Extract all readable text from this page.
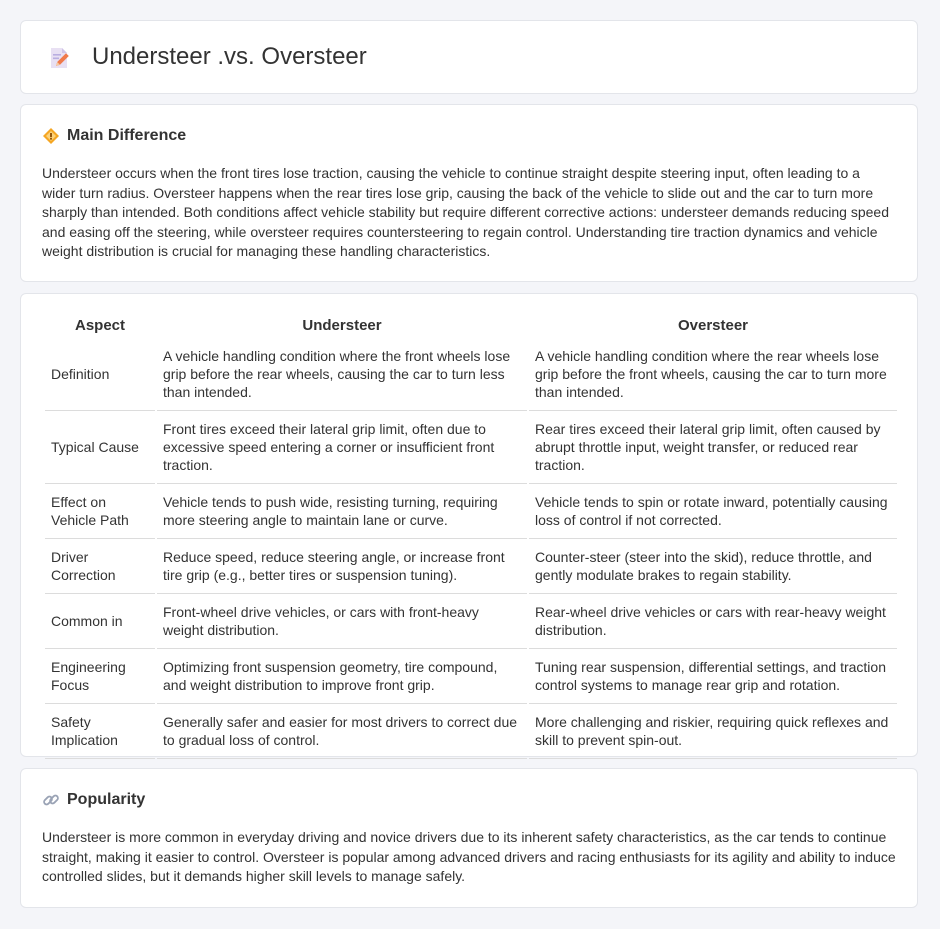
Understeer .vs. Oversteer
Main Difference

Understeer occurs when the front tires lose traction, causing the vehicle to continue straight despite steering input, often leading to a wider turn radius. Oversteer happens when the rear tires lose grip, causing the back of the vehicle to slide out and the car to turn more sharply than intended. Both conditions affect vehicle stability but require different corrective actions: understeer demands reducing speed and easing off the steering, while oversteer requires countersteering to regain control. Understanding tire traction dynamics and vehicle weight distribution is crucial for managing these handling characteristics.

Aspect	Understeer	Oversteer
Definition	A vehicle handling condition where the front wheels lose grip before the rear wheels, causing the car to turn less than intended.	A vehicle handling condition where the rear wheels lose grip before the front wheels, causing the car to turn more than intended.
Typical Cause	Front tires exceed their lateral grip limit, often due to excessive speed entering a corner or insufficient front traction.	Rear tires exceed their lateral grip limit, often caused by abrupt throttle input, weight transfer, or reduced rear traction.
Effect on Vehicle Path	Vehicle tends to push wide, resisting turning, requiring more steering angle to maintain lane or curve.	Vehicle tends to spin or rotate inward, potentially causing loss of control if not corrected.
Driver Correction	Reduce speed, reduce steering angle, or increase front tire grip (e.g., better tires or suspension tuning).	Counter-steer (steer into the skid), reduce throttle, and gently modulate brakes to regain stability.
Common in	Front-wheel drive vehicles, or cars with front-heavy weight distribution.	Rear-wheel drive vehicles or cars with rear-heavy weight distribution.
Engineering Focus	Optimizing front suspension geometry, tire compound, and weight distribution to improve front grip.	Tuning rear suspension, differential settings, and traction control systems to manage rear grip and rotation.
Safety Implication	Generally safer and easier for most drivers to correct due to gradual loss of control.	More challenging and riskier, requiring quick reflexes and skill to prevent spin-out.
Popularity

Understeer is more common in everyday driving and novice drivers due to its inherent safety characteristics, as the car tends to continue straight, making it easier to control. Oversteer is popular among advanced drivers and racing enthusiasts for its agility and ability to induce controlled slides, but it demands higher skill levels to manage safely.
